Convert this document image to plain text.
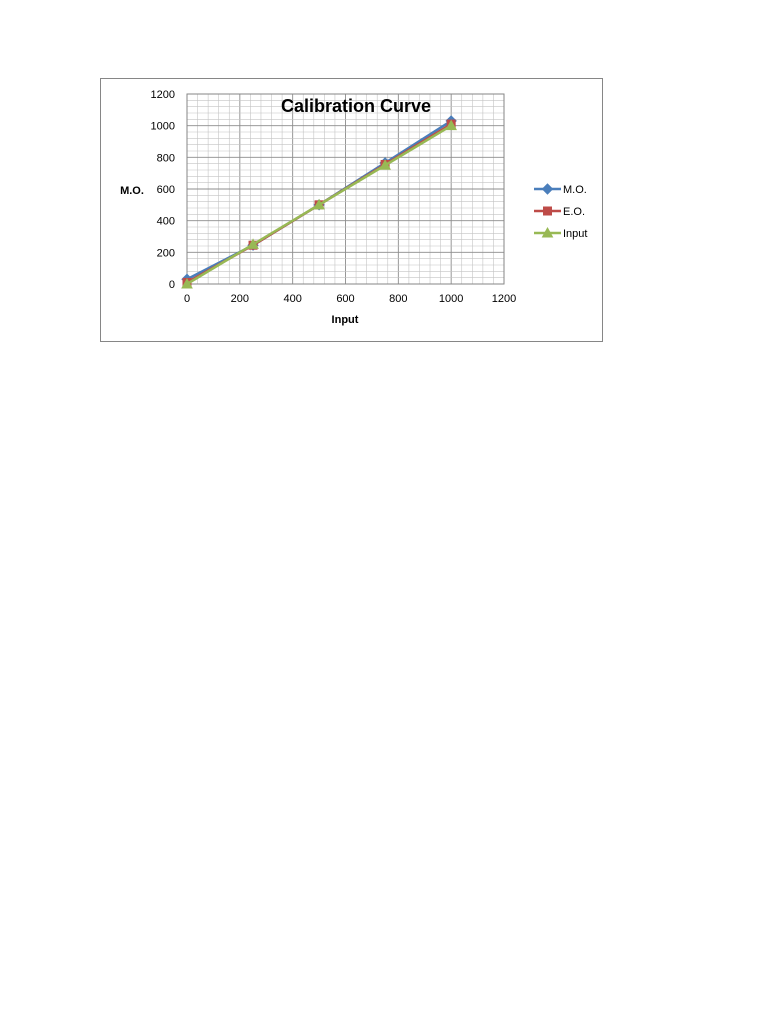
0	200	400	600	800	1000	1200
0
200
400
600
800
1000
1200
Calibration Curve
M.O.
Input
M.O.
E.O.
Input
